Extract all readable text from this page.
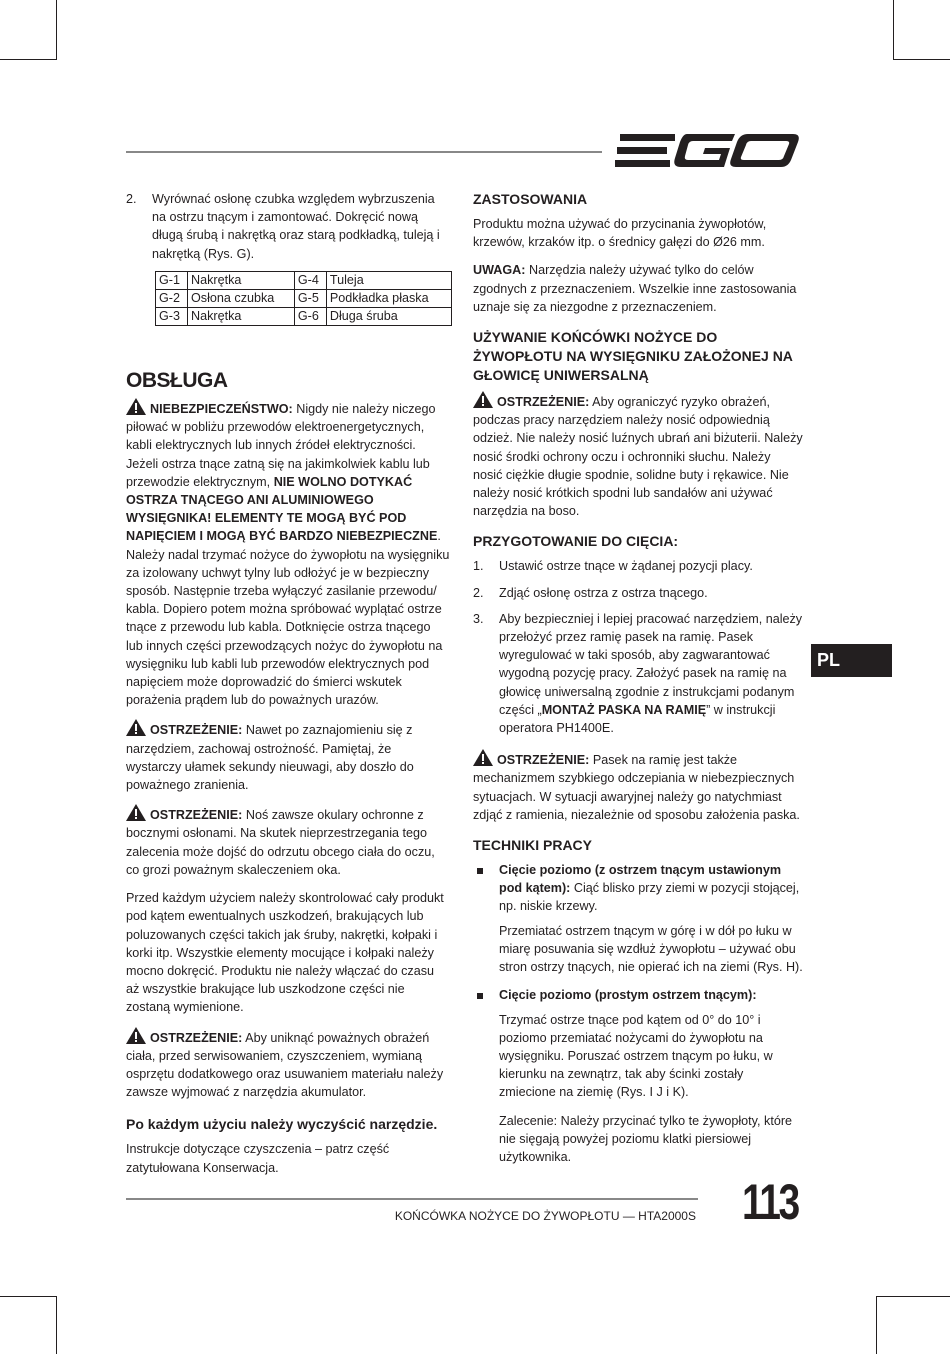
2.	Wyrównać osłonę czubka względem wybrzuszenia na ostrzu tnącym i zamontować. Dokręcić nową długą śrubą i nakrętką oraz starą podkładką, tuleją i nakrętką (Rys. G).
G-1	Nakrętka	G-4	Tuleja
G-2	Osłona czubka	G-5	Podkładka płaska
G-3	Nakrętka	G-6	Długa śruba
OBSŁUGA

NIEBEZPIECZEŃSTWO: Nigdy nie należy niczego piłować w pobliżu przewodów elektroenergetycznych, kabli elektrycznych lub innych źródeł elektryczności. Jeżeli ostrza tnące zatną się na jakimkolwiek kablu lub przewodzie elektrycznym, NIE WOLNO DOTYKAĆ OSTRZA TNĄCEGO ANI ALUMINIOWEGO WYSIĘGNIKA! ELEMENTY TE MOGĄ BYĆ POD NAPIĘCIEM I MOGĄ BYĆ BARDZO NIEBEZPIECZNE. Należy nadal trzymać nożyce do żywopłotu na wysięgniku za izolowany uchwyt tylny lub odłożyć je w bezpieczny sposób. Następnie trzeba wyłączyć zasilanie przewodu/ kabla. Dopiero potem można spróbować wyplątać ostrze tnące z przewodu lub kabla. Dotknięcie ostrza tnącego lub innych części przewodzących nożyc do żywopłotu na wysięgniku lub kabli lub przewodów elektrycznych pod napięciem może doprowadzić do śmierci wskutek porażenia prądem lub do poważnych urazów.

OSTRZEŻENIE: Nawet po zaznajomieniu się z narzędziem, zachowaj ostrożność. Pamiętaj, że wystarczy ułamek sekundy nieuwagi, aby doszło do poważnego zranienia.

OSTRZEŻENIE: Noś zawsze okulary ochronne z bocznymi osłonami. Na skutek nieprzestrzegania tego zalecenia może dojść do odrzutu obcego ciała do oczu, co grozi poważnym skaleczeniem oka.

Przed każdym użyciem należy skontrolować cały produkt pod kątem ewentualnych uszkodzeń, brakujących lub poluzowanych części takich jak śruby, nakrętki, kołpaki i korki itp. Wszystkie elementy mocujące i kołpaki należy mocno dokręcić. Produktu nie należy włączać do czasu aż wszystkie brakujące lub uszkodzone części nie zostaną wymienione.

OSTRZEŻENIE: Aby uniknąć poważnych obrażeń ciała, przed serwisowaniem, czyszczeniem, wymianą osprzętu dodatkowego oraz usuwaniem materiału należy zawsze wyjmować z narzędzia akumulator.

Po każdym użyciu należy wyczyścić narzędzie.

Instrukcje dotyczące czyszczenia – patrz część zatytułowana Konserwacja.

ZASTOSOWANIA

Produktu można używać do przycinania żywopłotów, krzewów, krzaków itp. o średnicy gałęzi do Ø26 mm.

UWAGA: Narzędzia należy używać tylko do celów zgodnych z przeznaczeniem. Wszelkie inne zastosowania uznaje się za niezgodne z przeznaczeniem.

UŻYWANIE KOŃCÓWKI NOŻYCE DO ŻYWOPŁOTU NA WYSIĘGNIKU ZAŁOŻONEJ NA GŁOWICĘ UNIWERSALNĄ

OSTRZEŻENIE: Aby ograniczyć ryzyko obrażeń, podczas pracy narzędziem należy nosić odpowiednią odzież. Nie należy nosić luźnych ubrań ani biżuterii. Należy nosić środki ochrony oczu i ochronniki słuchu. Należy nosić ciężkie długie spodnie, solidne buty i rękawice. Nie należy nosić krótkich spodni lub sandałów ani używać narzędzia na boso.

PRZYGOTOWANIE DO CIĘCIA:
1.	Ustawić ostrze tnące w żądanej pozycji placy.
2.	Zdjąć osłonę ostrza z ostrza tnącego.
3.	Aby bezpieczniej i lepiej pracować narzędziem, należy przełożyć przez ramię pasek na ramię. Pasek wyregulować w taki sposób, aby zagwarantować wygodną pozycję pracy. Założyć pasek na ramię na głowicę uniwersalną zgodnie z instrukcjami podanym części „MONTAŻ PASKA NA RAMIĘ” w instrukcji operatora PH1400E.

OSTRZEŻENIE: Pasek na ramię jest także mechanizmem szybkiego odczepiania w niebezpiecznych sytuacjach. W sytuacji awaryjnej należy go natychmiast zdjąć z ramienia, niezależnie od sposobu założenia paska.

TECHNIKI PRACY
Cięcie poziomo (z ostrzem tnącym ustawionym pod kątem): Ciąć blisko przy ziemi w pozycji stojącej, np. niskie krzewy.

Przemiatać ostrzem tnącym w górę i w dół po łuku w miarę posuwania się wzdłuż żywopłotu – używać obu stron ostrzy tnących, nie opierać ich na ziemi (Rys. H).

Cięcie poziomo (prostym ostrzem tnącym):

Trzymać ostrze tnące pod kątem od 0° do 10° i poziomo przemiatać nożycami do żywopłotu na wysięgniku. Poruszać ostrzem tnącym po łuku, w kierunku na zewnątrz, tak aby ścinki zostały zmiecione na ziemię (Rys. I J i K).

Zalecenie: Należy przycinać tylko te żywopłoty, które nie sięgają powyżej poziomu klatki piersiowej użytkownika.

PL
KOŃCÓWKA NOŻYCE DO ŻYWOPŁOTU — HTA2000S 113
